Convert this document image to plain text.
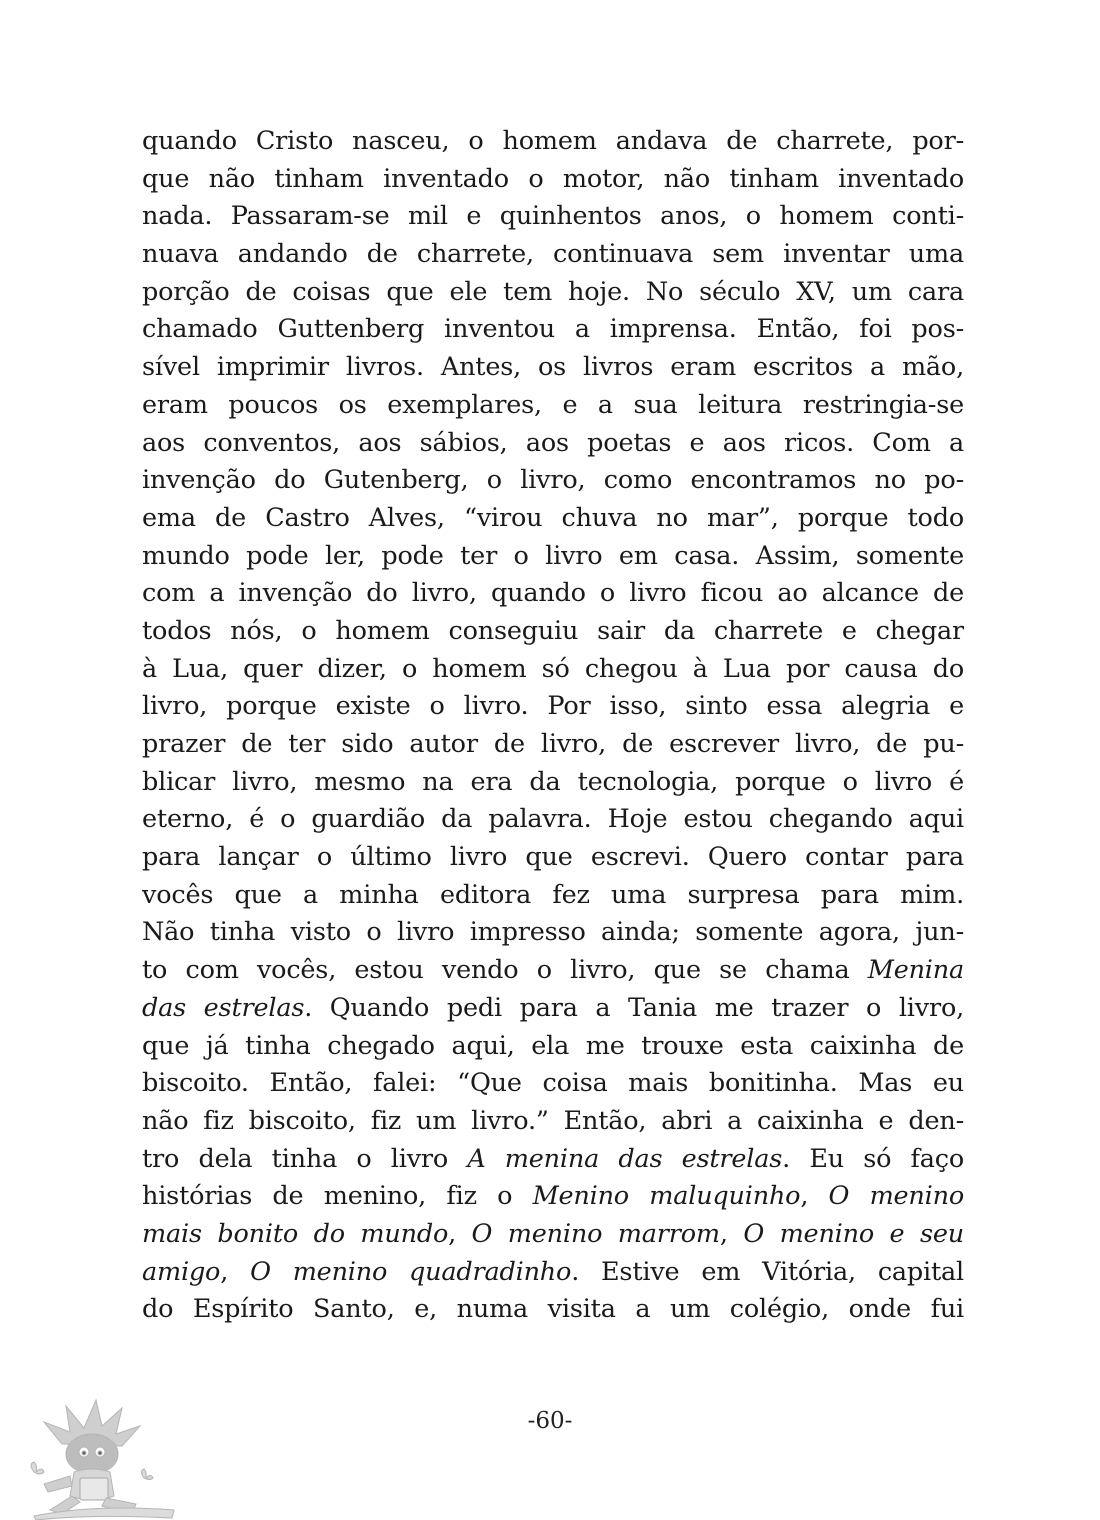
quando Cristo nasceu, o homem andava de charrete, por-
que não tinham inventado o motor, não tinham inventado
nada. Passaram-se mil e quinhentos anos, o homem conti-
nuava andando de charrete, continuava sem inventar uma
porção de coisas que ele tem hoje. No século XV, um cara
chamado Guttenberg inventou a imprensa. Então, foi pos-
sível imprimir livros. Antes, os livros eram escritos a mão,
eram poucos os exemplares, e a sua leitura restringia-se
aos conventos, aos sábios, aos poetas e aos ricos. Com a
invenção do Gutenberg, o livro, como encontramos no po-
ema de Castro Alves, “virou chuva no mar”, porque todo
mundo pode ler, pode ter o livro em casa. Assim, somente
com a invenção do livro, quando o livro ficou ao alcance de
todos nós, o homem conseguiu sair da charrete e chegar
à Lua, quer dizer, o homem só chegou à Lua por causa do
livro, porque existe o livro. Por isso, sinto essa alegria e
prazer de ter sido autor de livro, de escrever livro, de pu-
blicar livro, mesmo na era da tecnologia, porque o livro é
eterno, é o guardião da palavra. Hoje estou chegando aqui
para lançar o último livro que escrevi. Quero contar para
vocês que a minha editora fez uma surpresa para mim.
Não tinha visto o livro impresso ainda; somente agora, jun-
to com vocês, estou vendo o livro, que se chama Menina
das estrelas. Quando pedi para a Tania me trazer o livro,
que já tinha chegado aqui, ela me trouxe esta caixinha de
biscoito. Então, falei: “Que coisa mais bonitinha. Mas eu
não fiz biscoito, fiz um livro.” Então, abri a caixinha e den-
tro dela tinha o livro A menina das estrelas. Eu só faço
histórias de menino, fiz o Menino maluquinho, O menino
mais bonito do mundo, O menino marrom, O menino e seu
amigo, O menino quadradinho. Estive em Vitória, capital
do Espírito Santo, e, numa visita a um colégio, onde fui
-60-
